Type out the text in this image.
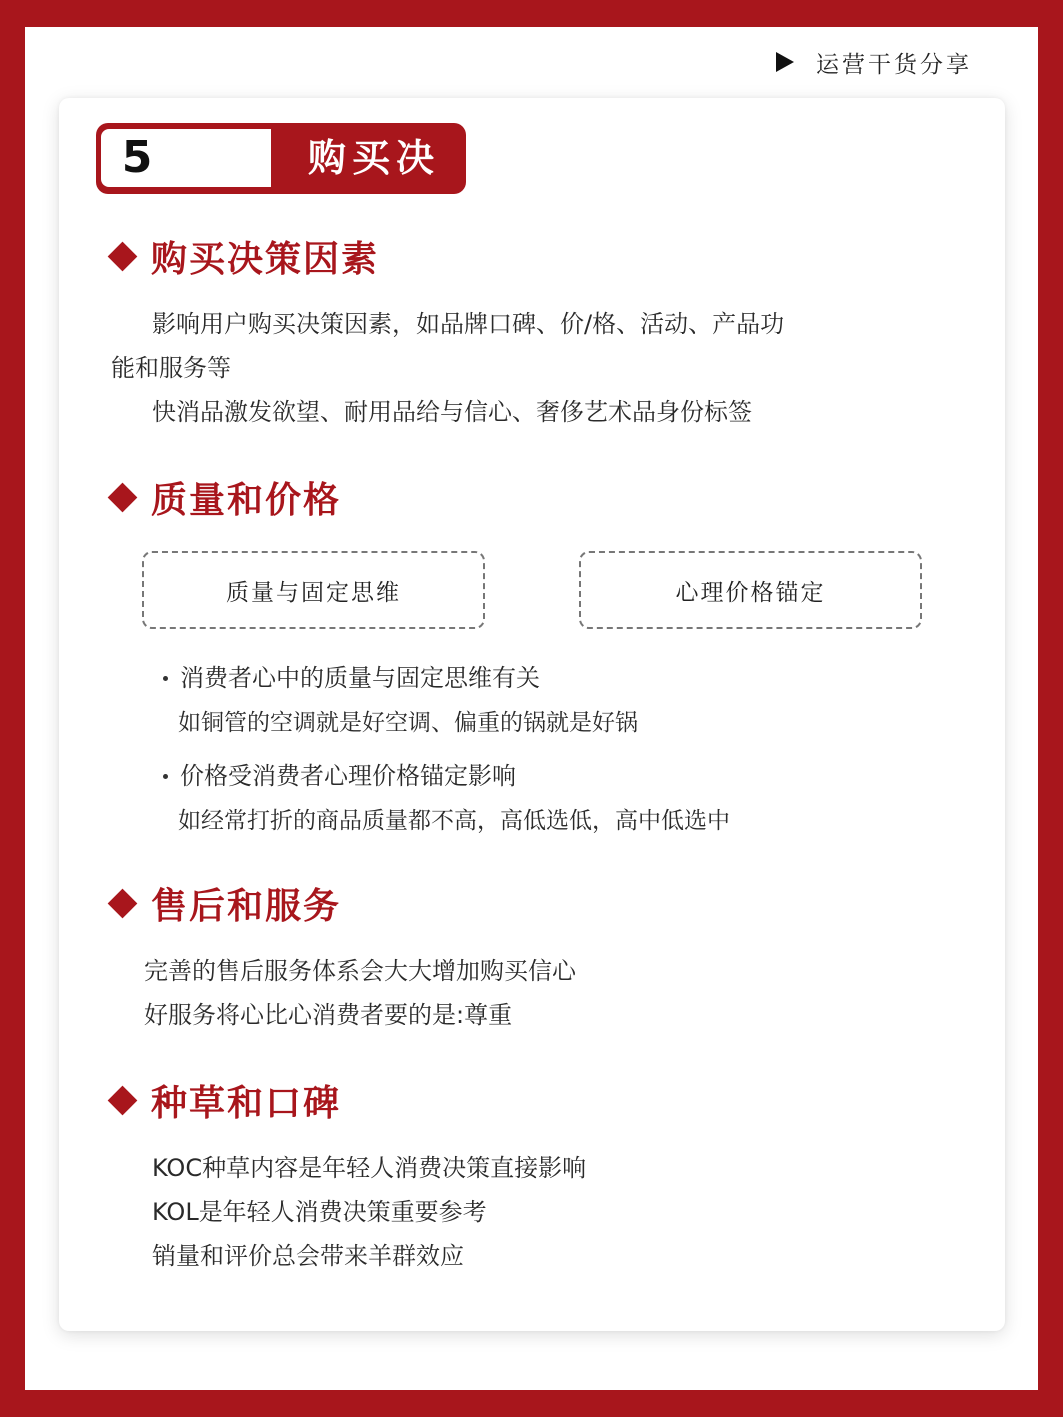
运营干货分享
5	购买决策
购买决策因素
影响用户购买决策因素，如品牌口碑、价/格、活动、产品功
能和服务等
快消品激发欲望、耐用品给与信心、奢侈艺术品身份标签
质量和价格
质量与固定思维	心理价格锚定
消费者心中的质量与固定思维有关
如铜管的空调就是好空调、偏重的锅就是好锅
价格受消费者心理价格锚定影响
如经常打折的商品质量都不高，高低选低，高中低选中
售后和服务
完善的售后服务体系会大大增加购买信心
好服务将心比心消费者要的是:尊重
种草和口碑
KOC种草内容是年轻人消费决策直接影响
KOL是年轻人消费决策重要参考
销量和评价总会带来羊群效应
